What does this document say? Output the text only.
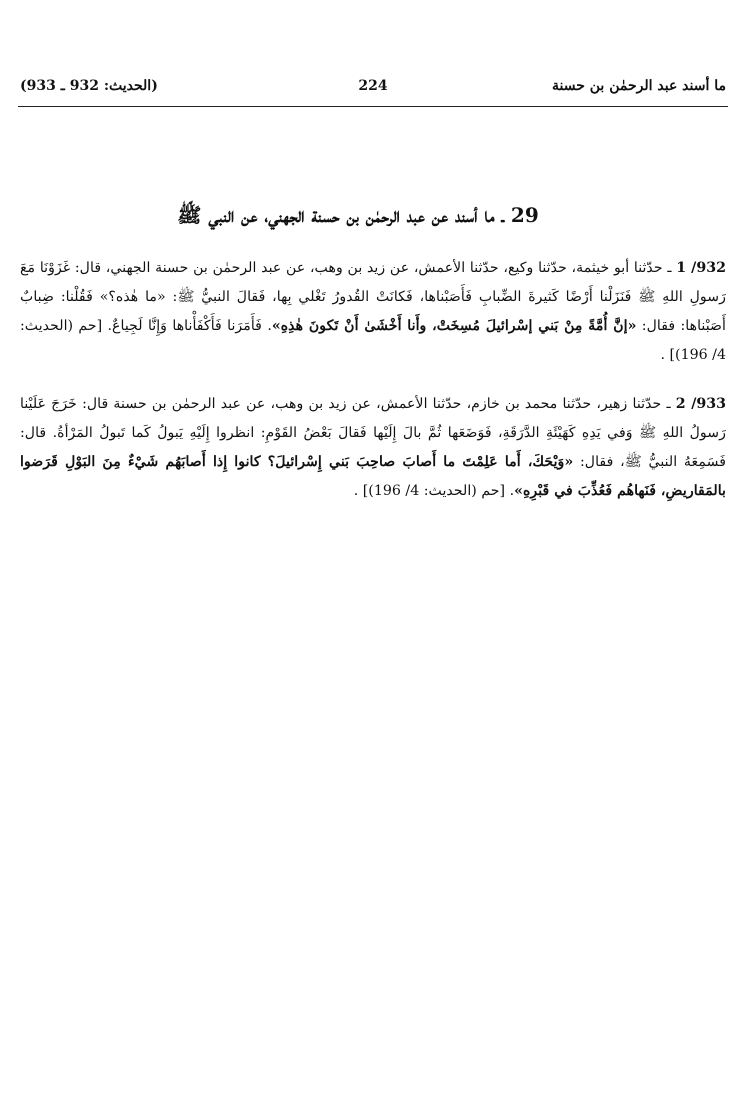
(الحديث: 932 ـ 933)	224	ما أسند عبد الرحمٰن بن حسنة
29 ـ ما أسند عن عبد الرحمٰن بن حسنة الجهني، عن النبي ﷺ

932/ 1 ـ حدّثنا أبو خيثمة، حدّثنا وكيع، حدّثنا الأعمش، عن زيد بن وهب، عن عبد الرحمٰن بن حسنة الجهني، قال: غَزَوْنَا مَعَ رَسولِ اللهِ ﷺ فَنَزَلْنا أَرْضًا كَثيرةَ الضِّبابِ فَأَصَبْناها، فَكانَتْ القُدورُ تَغْلي بِها، فَقالَ النبيُّ ﷺ: «ما هٰذه؟» فَقُلْنا: ضِبابٌ أَصَبْناها: فقال: «إنَّ أُمَّةً مِنْ بَني إسْرائيلَ مُسِخَتْ، وأَنا أَخْشَىٰ أَنْ تَكونَ هٰذِهِ». فَأَمَرَنا فَأَكْفَأْناها وَإِنَّا لَجِياعٌ. [حم (الحديث: 4/ 196)] .

933/ 2 ـ حدّثنا زهير، حدّثنا محمد بن خازم، حدّثنا الأعمش، عن زيد بن وهب، عن عبد الرحمٰن بن حسنة قال: خَرَجَ عَلَيْنا رَسولُ اللهِ ﷺ وَفي يَدِهِ كَهَيْئَةِ الدَّرَقَةِ، فَوَضَعَها ثُمَّ بالَ إِلَيْها فَقالَ بَعْضُ القَوْمِ: انظروا إِلَيْهِ يَبولُ كَما تَبولُ المَرْأةُ. قال: فَسَمِعَهُ النبيُّ ﷺ، فقال: «وَيْحَكَ، أَما عَلِمْتَ ما أَصابَ صاحِبَ بَني إِسْرائيلَ؟ كانوا إِذا أَصابَهُم شَيْءٌ مِنَ البَوْلِ قَرَضوا بالمَقاريضِ، فَنَهاهُم فَعُذِّبَ في قَبْرِهِ». [حم (الحديث: 4/ 196)] .
